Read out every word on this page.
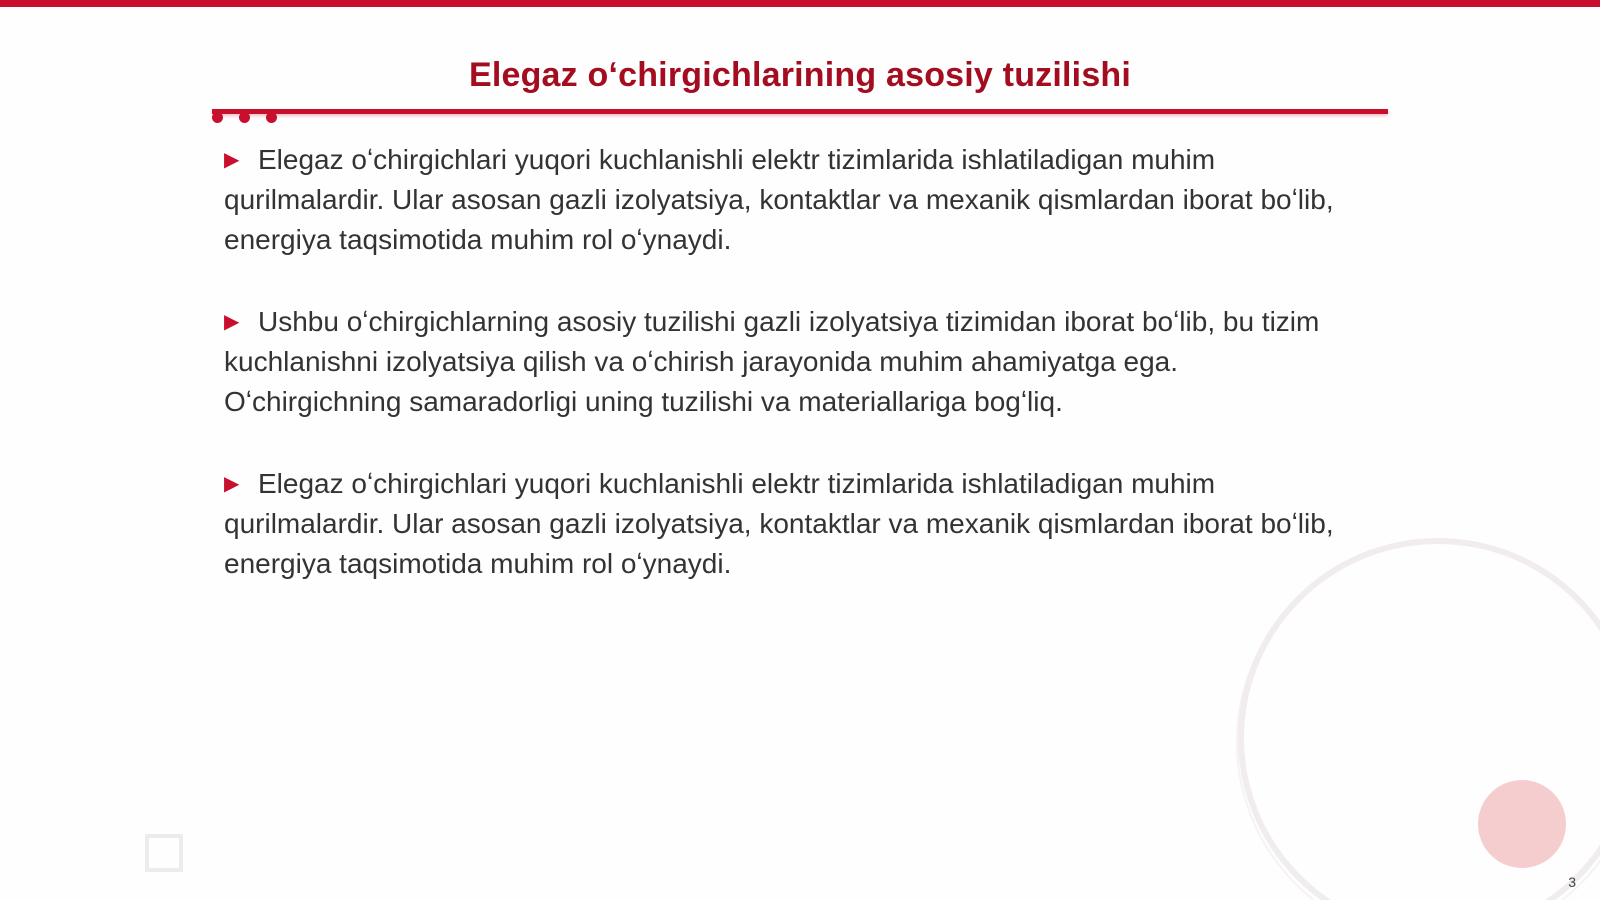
Elegaz oʻchirgichlarining asosiy tuzilishi

▶ Elegaz oʻchirgichlari yuqori kuchlanishli elektr tizimlarida ishlatiladigan muhim qurilmalardir. Ular asosan gazli izolyatsiya, kontaktlar va mexanik qismlardan iborat boʻlib, energiya taqsimotida muhim rol oʻynaydi.

▶ Ushbu oʻchirgichlarning asosiy tuzilishi gazli izolyatsiya tizimidan iborat boʻlib, bu tizim kuchlanishni izolyatsiya qilish va oʻchirish jarayonida muhim ahamiyatga ega. Oʻchirgichning samaradorligi uning tuzilishi va materiallariga bogʻliq.

▶ Elegaz oʻchirgichlari yuqori kuchlanishli elektr tizimlarida ishlatiladigan muhim qurilmalardir. Ular asosan gazli izolyatsiya, kontaktlar va mexanik qismlardan iborat boʻlib, energiya taqsimotida muhim rol oʻynaydi.

3
